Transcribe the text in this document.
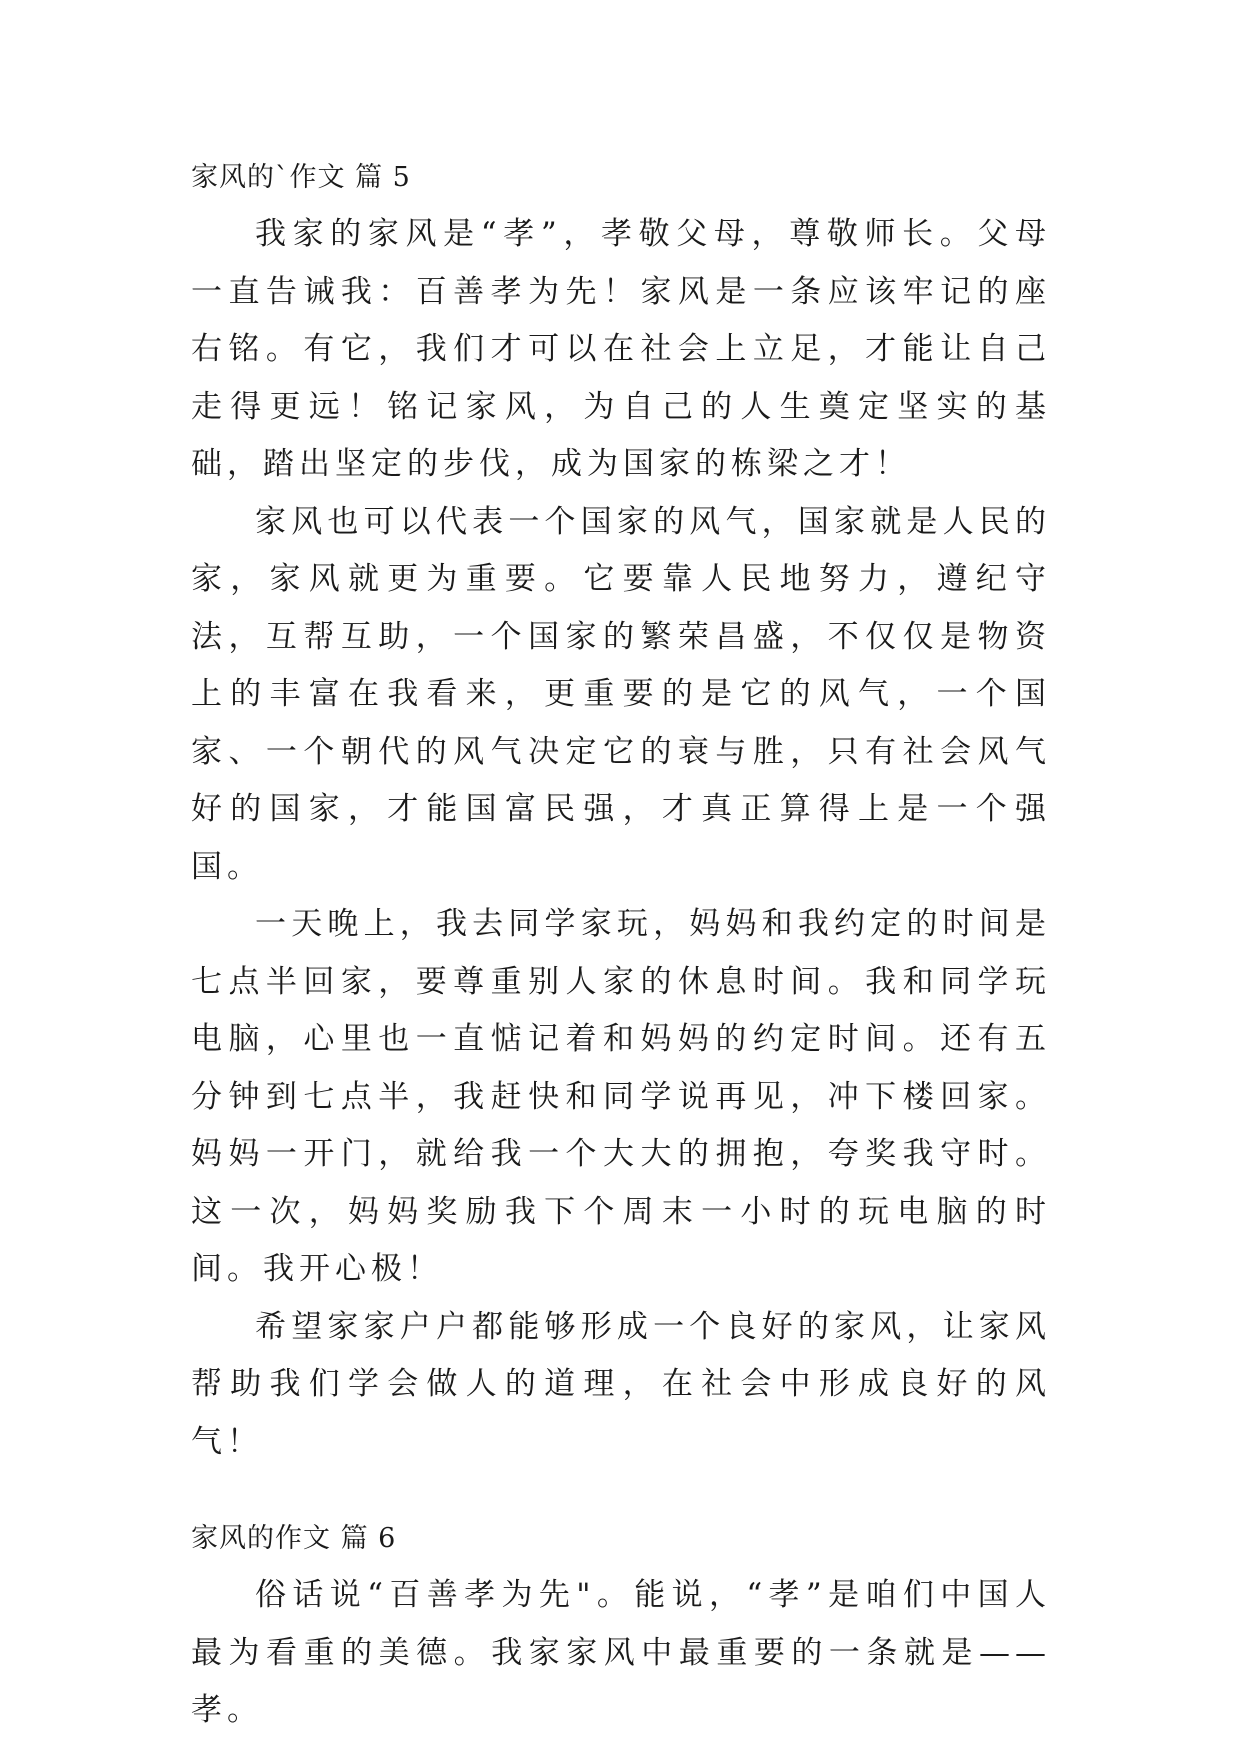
家风的`作文 篇 5

我家的家风是“孝”，孝敬父母，尊敬师长。父母一直告诫我：百善孝为先！家风是一条应该牢记的座右铭。有它，我们才可以在社会上立足，才能让自己走得更远！铭记家风，为自己的人生奠定坚实的基础，踏出坚定的步伐，成为国家的栋梁之才！

家风也可以代表一个国家的风气，国家就是人民的家，家风就更为重要。它要靠人民地努力，遵纪守法，互帮互助，一个国家的繁荣昌盛，不仅仅是物资上的丰富在我看来，更重要的是它的风气，一个国家、一个朝代的风气决定它的衰与胜，只有社会风气好的国家，才能国富民强，才真正算得上是一个强国。

一天晚上，我去同学家玩，妈妈和我约定的时间是七点半回家，要尊重别人家的休息时间。我和同学玩电脑，心里也一直惦记着和妈妈的约定时间。还有五分钟到七点半，我赶快和同学说再见，冲下楼回家。妈妈一开门，就给我一个大大的拥抱，夸奖我守时。这一次，妈妈奖励我下个周末一小时的玩电脑的时间。我开心极！

希望家家户户都能够形成一个良好的家风，让家风帮助我们学会做人的道理，在社会中形成良好的风气！

家风的作文 篇 6

俗话说“百善孝为先"。能说，“孝”是咱们中国人最为看重的美德。我家家风中最重要的一条就是——孝。
